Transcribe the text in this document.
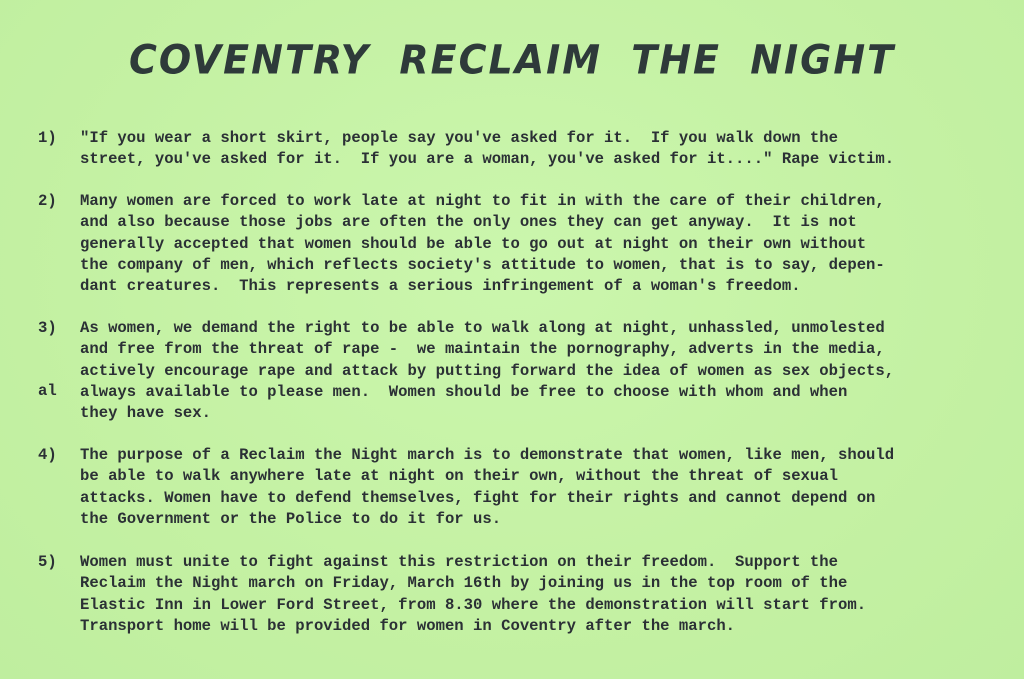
COVENTRY RECLAIM THE NIGHT
1) "If you wear a short skirt, people say you've asked for it.  If you walk down the
street, you've asked for it.  If you are a woman, you've asked for it...." Rape victim.
2) Many women are forced to work late at night to fit in with the care of their children,
and also because those jobs are often the only ones they can get anyway.  It is not
generally accepted that women should be able to go out at night on their own without
the company of men, which reflects society's attitude to women, that is to say, depen-
dant creatures.  This represents a serious infringement of a woman's freedom.
3) As women, we demand the right to be able to walk along at night, unhassled, unmolested
and free from the threat of rape -  we maintain the pornography, adverts in the media,
actively encourage rape and attack by putting forward the idea of women as sex objects,
always available to please men.  Women should be free to choose with whom and when
they have sex.
al
4) The purpose of a Reclaim the Night march is to demonstrate that women, like men, should
be able to walk anywhere late at night on their own, without the threat of sexual
attacks. Women have to defend themselves, fight for their rights and cannot depend on
the Government or the Police to do it for us.
5) Women must unite to fight against this restriction on their freedom.  Support the
Reclaim the Night march on Friday, March 16th by joining us in the top room of the
Elastic Inn in Lower Ford Street, from 8.30 where the demonstration will start from.
Transport home will be provided for women in Coventry after the march.
